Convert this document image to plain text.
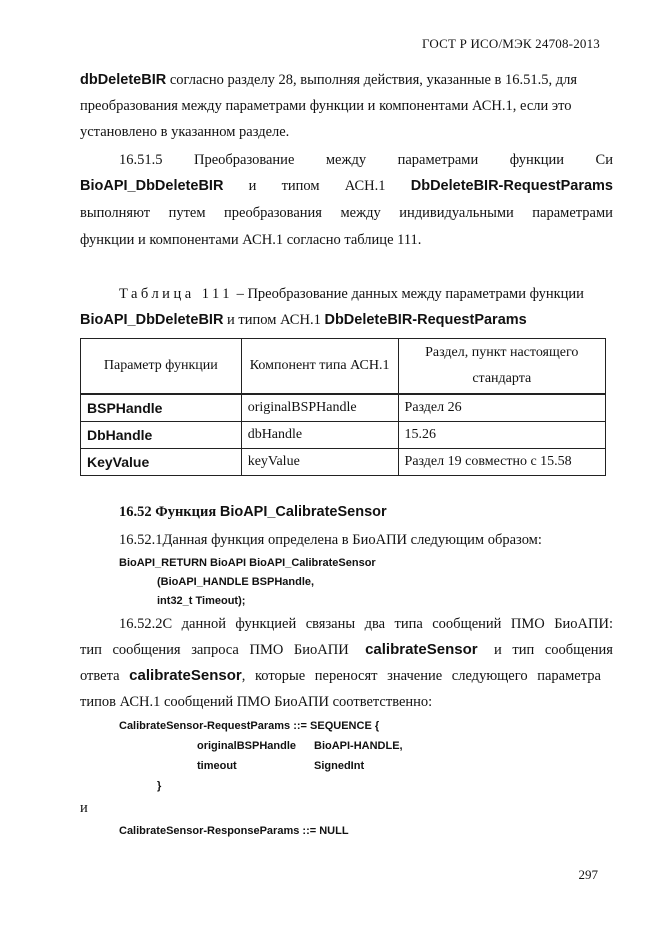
ГОСТ Р ИСО/МЭК 24708-2013
dbDeleteBIR согласно разделу 28, выполняя действия, указанные в 16.51.5, для
преобразования между параметрами функции и компонентами АСН.1, если это
установлено в указанном разделе.
16.51.5 Преобразование между параметрами функции Си
BioAPI_DbDeleteBIR и типом АСН.1 DbDeleteBIR-RequestParams
выполняют путем преобразования между индивидуальными параметрами
функции и компонентами АСН.1 согласно таблице 111.
Таблица 111 – Преобразование данных между параметрами функции
BioAPI_DbDeleteBIR и типом АСН.1 DbDeleteBIR-RequestParams
Параметр функции	Компонент типа АСН.1	Раздел, пункт настоящего стандарта
BSPHandle	originalBSPHandle	Раздел 26
DbHandle	dbHandle	15.26
KeyValue	keyValue	Раздел 19 совместно с 15.58
16.52 Функция BioAPI_CalibrateSensor
16.52.1Данная функция определена в БиоАПИ следующим образом:
BioAPI_RETURN BioAPI BioAPI_CalibrateSensor
(BioAPI_HANDLE BSPHandle,
int32_t Timeout);
16.52.2С данной функцией связаны два типа сообщений ПМО БиоАПИ:
тип сообщения запроса ПМО БиоАПИ calibrateSensor и тип сообщения
ответа calibrateSensor, которые переносят значение следующего параметра
типов АСН.1 сообщений ПМО БиоАПИ соответственно:
CalibrateSensor-RequestParams ::= SEQUENCE {
originalBSPHandle BioAPI-HANDLE,
timeout	SignedInt
}
и
CalibrateSensor-ResponseParams ::= NULL
297
